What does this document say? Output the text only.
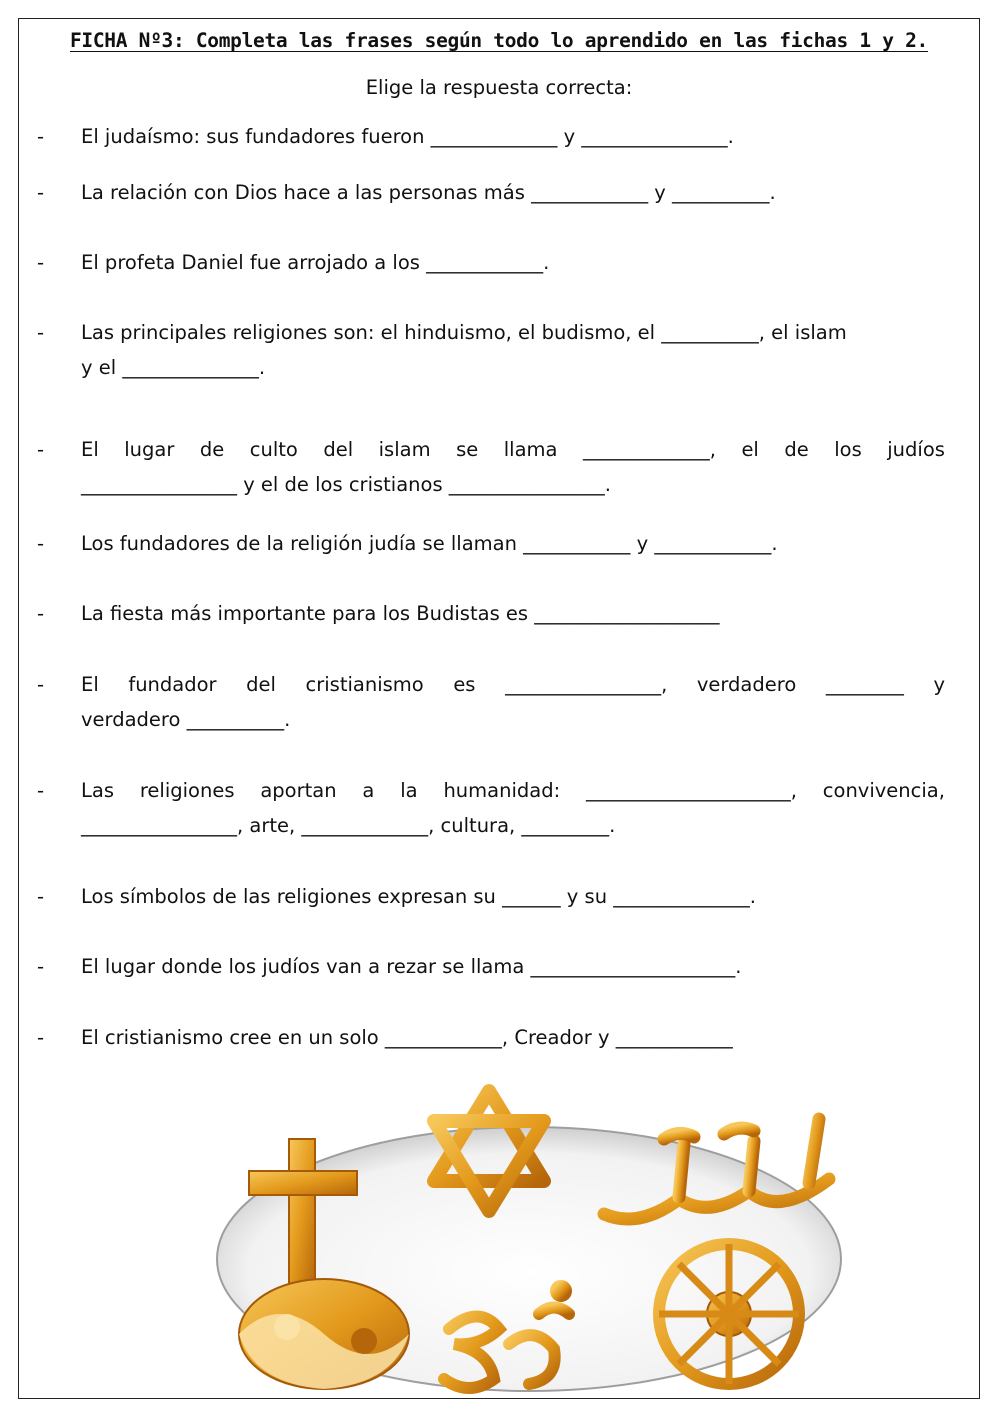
FICHA Nº3: Completa las frases según todo lo aprendido en las fichas 1 y 2.
Elige la respuesta correcta:
- El judaísmo: sus fundadores fueron _____________ y _______________.
- La relación con Dios hace a las personas más ____________ y __________.
- El profeta Daniel fue arrojado a los ____________.
- Las principales religiones son: el hinduismo, el budismo, el __________, el islam
y el ______________.
- El lugar de culto del islam se llama _____________, el de los judíos
________________ y el de los cristianos ________________.
- Los fundadores de la religión judía se llaman ___________ y ____________.
- La fiesta más importante para los Budistas es ___________________
- El fundador del cristianismo es ________________, verdadero ________ y
verdadero __________.
- Las religiones aportan a la humanidad: _____________________, convivencia,
________________, arte, _____________, cultura, _________.
- Los símbolos de las religiones expresan su ______ y su ______________.
- El lugar donde los judíos van a rezar se llama _____________________.
- El cristianismo cree en un solo ____________, Creador y ____________
